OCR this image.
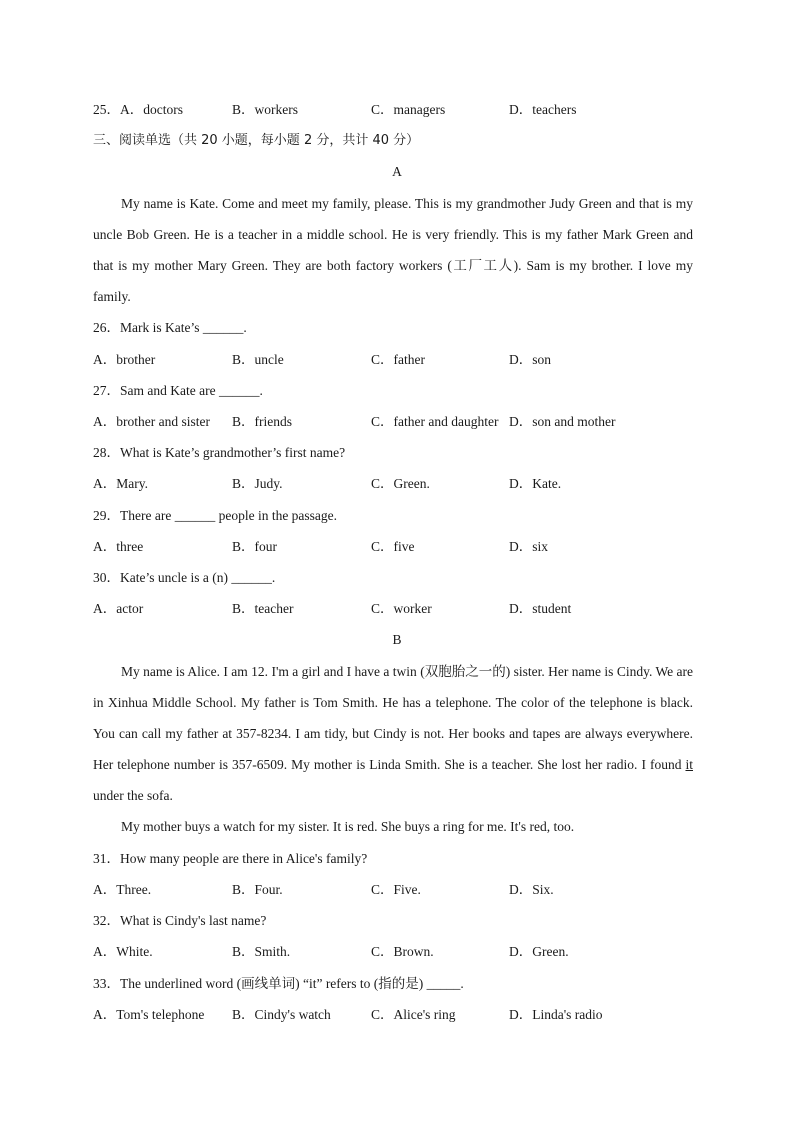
25．A．doctors	B．workers	C．managers	D．teachers
三、阅读单选（共 20 小题，每小题 2 分，共计 40 分）
A
My name is Kate. Come and meet my family, please. This is my grandmother Judy Green and that is my uncle Bob Green. He is a teacher in a middle school. He is very friendly. This is my father Mark Green and that is my mother Mary Green. They are both factory workers (工厂工人). Sam is my brother. I love my family.
26．Mark is Kate’s ______.
A．brother	B．uncle	C．father	D．son
27．Sam and Kate are ______.
A．brother and sister B．friends	C．father and daughter D．son and mother
28．What is Kate’s grandmother’s first name?
A．Mary.	B．Judy.	C．Green.	D．Kate.
29．There are ______ people in the passage.
A．three	B．four	C．five	D．six
30．Kate’s uncle is a (n) ______.
A．actor	B．teacher	C．worker	D．student
B
My name is Alice. I am 12. I'm a girl and I have a twin (双胞胎之一的) sister. Her name is Cindy. We are in Xinhua Middle School. My father is Tom Smith. He has a telephone. The color of the telephone is black. You can call my father at 357-8234. I am tidy, but Cindy is not. Her books and tapes are always everywhere. Her telephone number is 357-6509. My mother is Linda Smith. She is a teacher. She lost her radio. I found it under the sofa.
My mother buys a watch for my sister. It is red. She buys a ring for me. It's red, too.
31．How many people are there in Alice's family?
A．Three.	B．Four.	C．Five.	D．Six.
32．What is Cindy's last name?
A．White.	B．Smith.	C．Brown.	D．Green.
33．The underlined word (画线单词) “it” refers to (指的是) _____.
A．Tom's telephone B．Cindy's watch	C．Alice's ring	D．Linda's radio
